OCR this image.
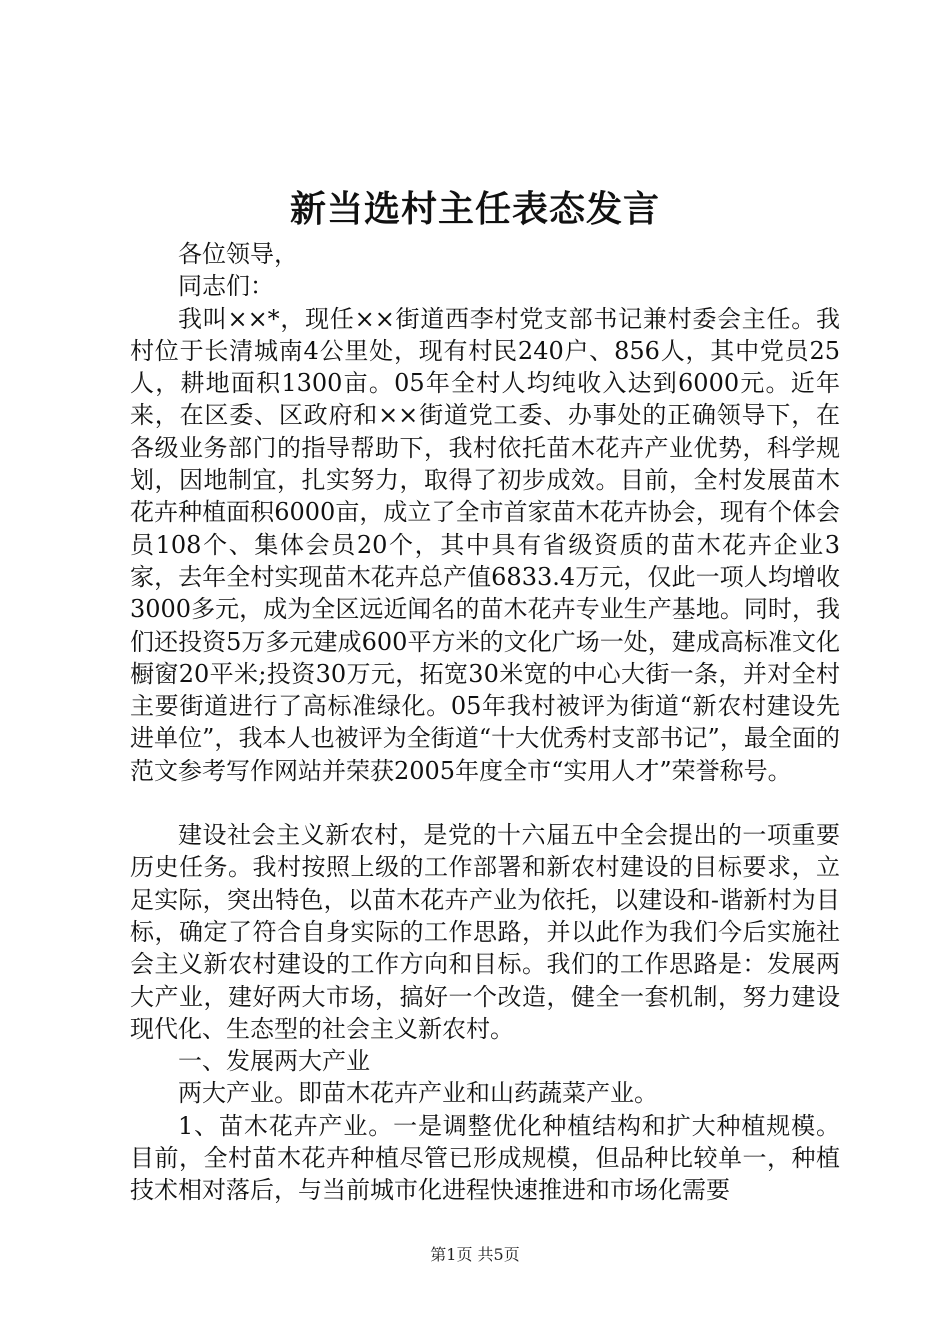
新当选村主任表态发言

各位领导，

同志们：

我叫××*，现任××街道西李村党支部书记兼村委会主任。我村位于长清城南4公里处，现有村民240户、856人，其中党员25人，耕地面积1300亩。05年全村人均纯收入达到6000元。近年来，在区委、区政府和××街道党工委、办事处的正确领导下，在各级业务部门的指导帮助下，我村依托苗木花卉产业优势，科学规划，因地制宜，扎实努力，取得了初步成效。目前，全村发展苗木花卉种植面积6000亩，成立了全市首家苗木花卉协会，现有个体会员108个、集体会员20个，其中具有省级资质的苗木花卉企业3家，去年全村实现苗木花卉总产值6833.4万元，仅此一项人均增收3000多元，成为全区远近闻名的苗木花卉专业生产基地。同时，我们还投资5万多元建成600平方米的文化广场一处，建成高标准文化橱窗20平米;投资30万元，拓宽30米宽的中心大街一条，并对全村主要街道进行了高标准绿化。05年我村被评为街道“新农村建设先进单位”，我本人也被评为全街道“十大优秀村支部书记”，最全面的范文参考写作网站并荣获2005年度全市“实用人才”荣誉称号。

建设社会主义新农村，是党的十六届五中全会提出的一项重要历史任务。我村按照上级的工作部署和新农村建设的目标要求，立足实际，突出特色，以苗木花卉产业为依托，以建设和-谐新村为目标，确定了符合自身实际的工作思路，并以此作为我们今后实施社会主义新农村建设的工作方向和目标。我们的工作思路是：发展两大产业，建好两大市场，搞好一个改造，健全一套机制，努力建设现代化、生态型的社会主义新农村。

一、发展两大产业

两大产业。即苗木花卉产业和山药蔬菜产业。

1、苗木花卉产业。一是调整优化种植结构和扩大种植规模。目前，全村苗木花卉种植尽管已形成规模，但品种比较单一，种植技术相对落后，与当前城市化进程快速推进和市场化需要

第1页 共5页
